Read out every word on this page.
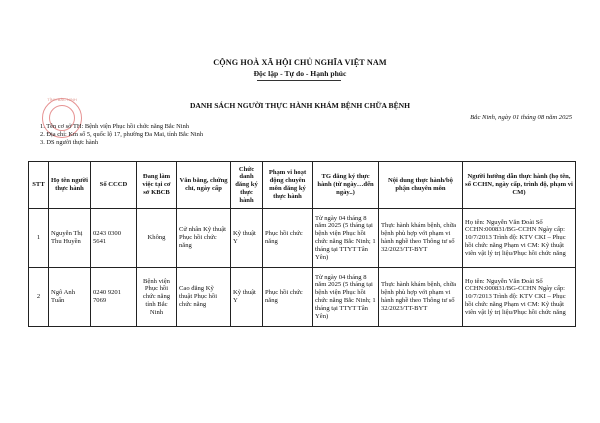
CỘNG HOÀ XÃ HỘI CHỦ NGHĨA VIỆT NAM
Độc lập - Tự do - Hạnh phúc
TỈNH BẮC NINH
DANH SÁCH NGƯỜI THỰC HÀNH KHÁM BỆNH CHỮA BỆNH
Bắc Ninh, ngày 01 tháng 08 năm 2025
1. Tên cơ sở TH: Bệnh viện Phục hồi chức năng Bắc Ninh
2. Địa chỉ: Km số 5, quốc lộ 17, phường Đa Mai, tỉnh Bắc Ninh
3. DS người thực hành
STT	Họ tên người thực hành	Số CCCD	Đang làm việc tại cơ sở KBCB	Văn bằng, chứng chỉ, ngày cấp	Chức danh đăng ký thực hành	Phạm vi hoạt động chuyên môn đăng ký thực hành	TG đăng ký thực hành (từ ngày…đến ngày..)	Nội dung thực hành/bộ phận chuyên môn	Người hướng dẫn thực hành (họ tên, số CCHN, ngày cấp, trình độ, phạm vi CM)
1	Nguyễn Thị Thu Huyền	0243 0300 5641	Không	Cử nhân Kỹ thuật Phục hồi chức năng	Kỹ thuật Y	Phục hồi chức năng	Từ ngày 04 tháng 8 năm 2025 (5 tháng tại bệnh viện Phục hồi chức năng Bắc Ninh; 1 tháng tại TTYT Tân Yên)	Thực hành khám bệnh, chữa bệnh phù hợp với phạm vi hành nghề theo Thông tư số 32/2023/TT-BYT	Họ tên: Nguyễn Văn Đoài Số CCHN:000831/BG-CCHN Ngày cấp: 10/7/2013 Trình độ: KTV CKI – Phục hồi chức năng Phạm vi CM: Kỹ thuật viên vật lý trị liệu/Phục hồi chức năng
2	Ngô Anh Tuấn	0240 9201 7069	Bệnh viện Phục hồi chức năng tỉnh Bắc Ninh	Cao đẳng Kỹ thuật Phục hồi chức năng	Kỹ thuật Y	Phục hồi chức năng	Từ ngày 04 tháng 8 năm 2025 (5 tháng tại bệnh viện Phục hồi chức năng Bắc Ninh; 1 tháng tại TTYT Tân Yên)	Thực hành khám bệnh, chữa bệnh phù hợp với phạm vi hành nghề theo Thông tư số 32/2023/TT-BYT	Họ tên: Nguyễn Văn Đoài Số CCHN:000831/BG-CCHN Ngày cấp: 10/7/2013 Trình độ: KTV CKI – Phục hồi chức năng Phạm vi CM: Kỹ thuật viên vật lý trị liệu/Phục hồi chức năng
